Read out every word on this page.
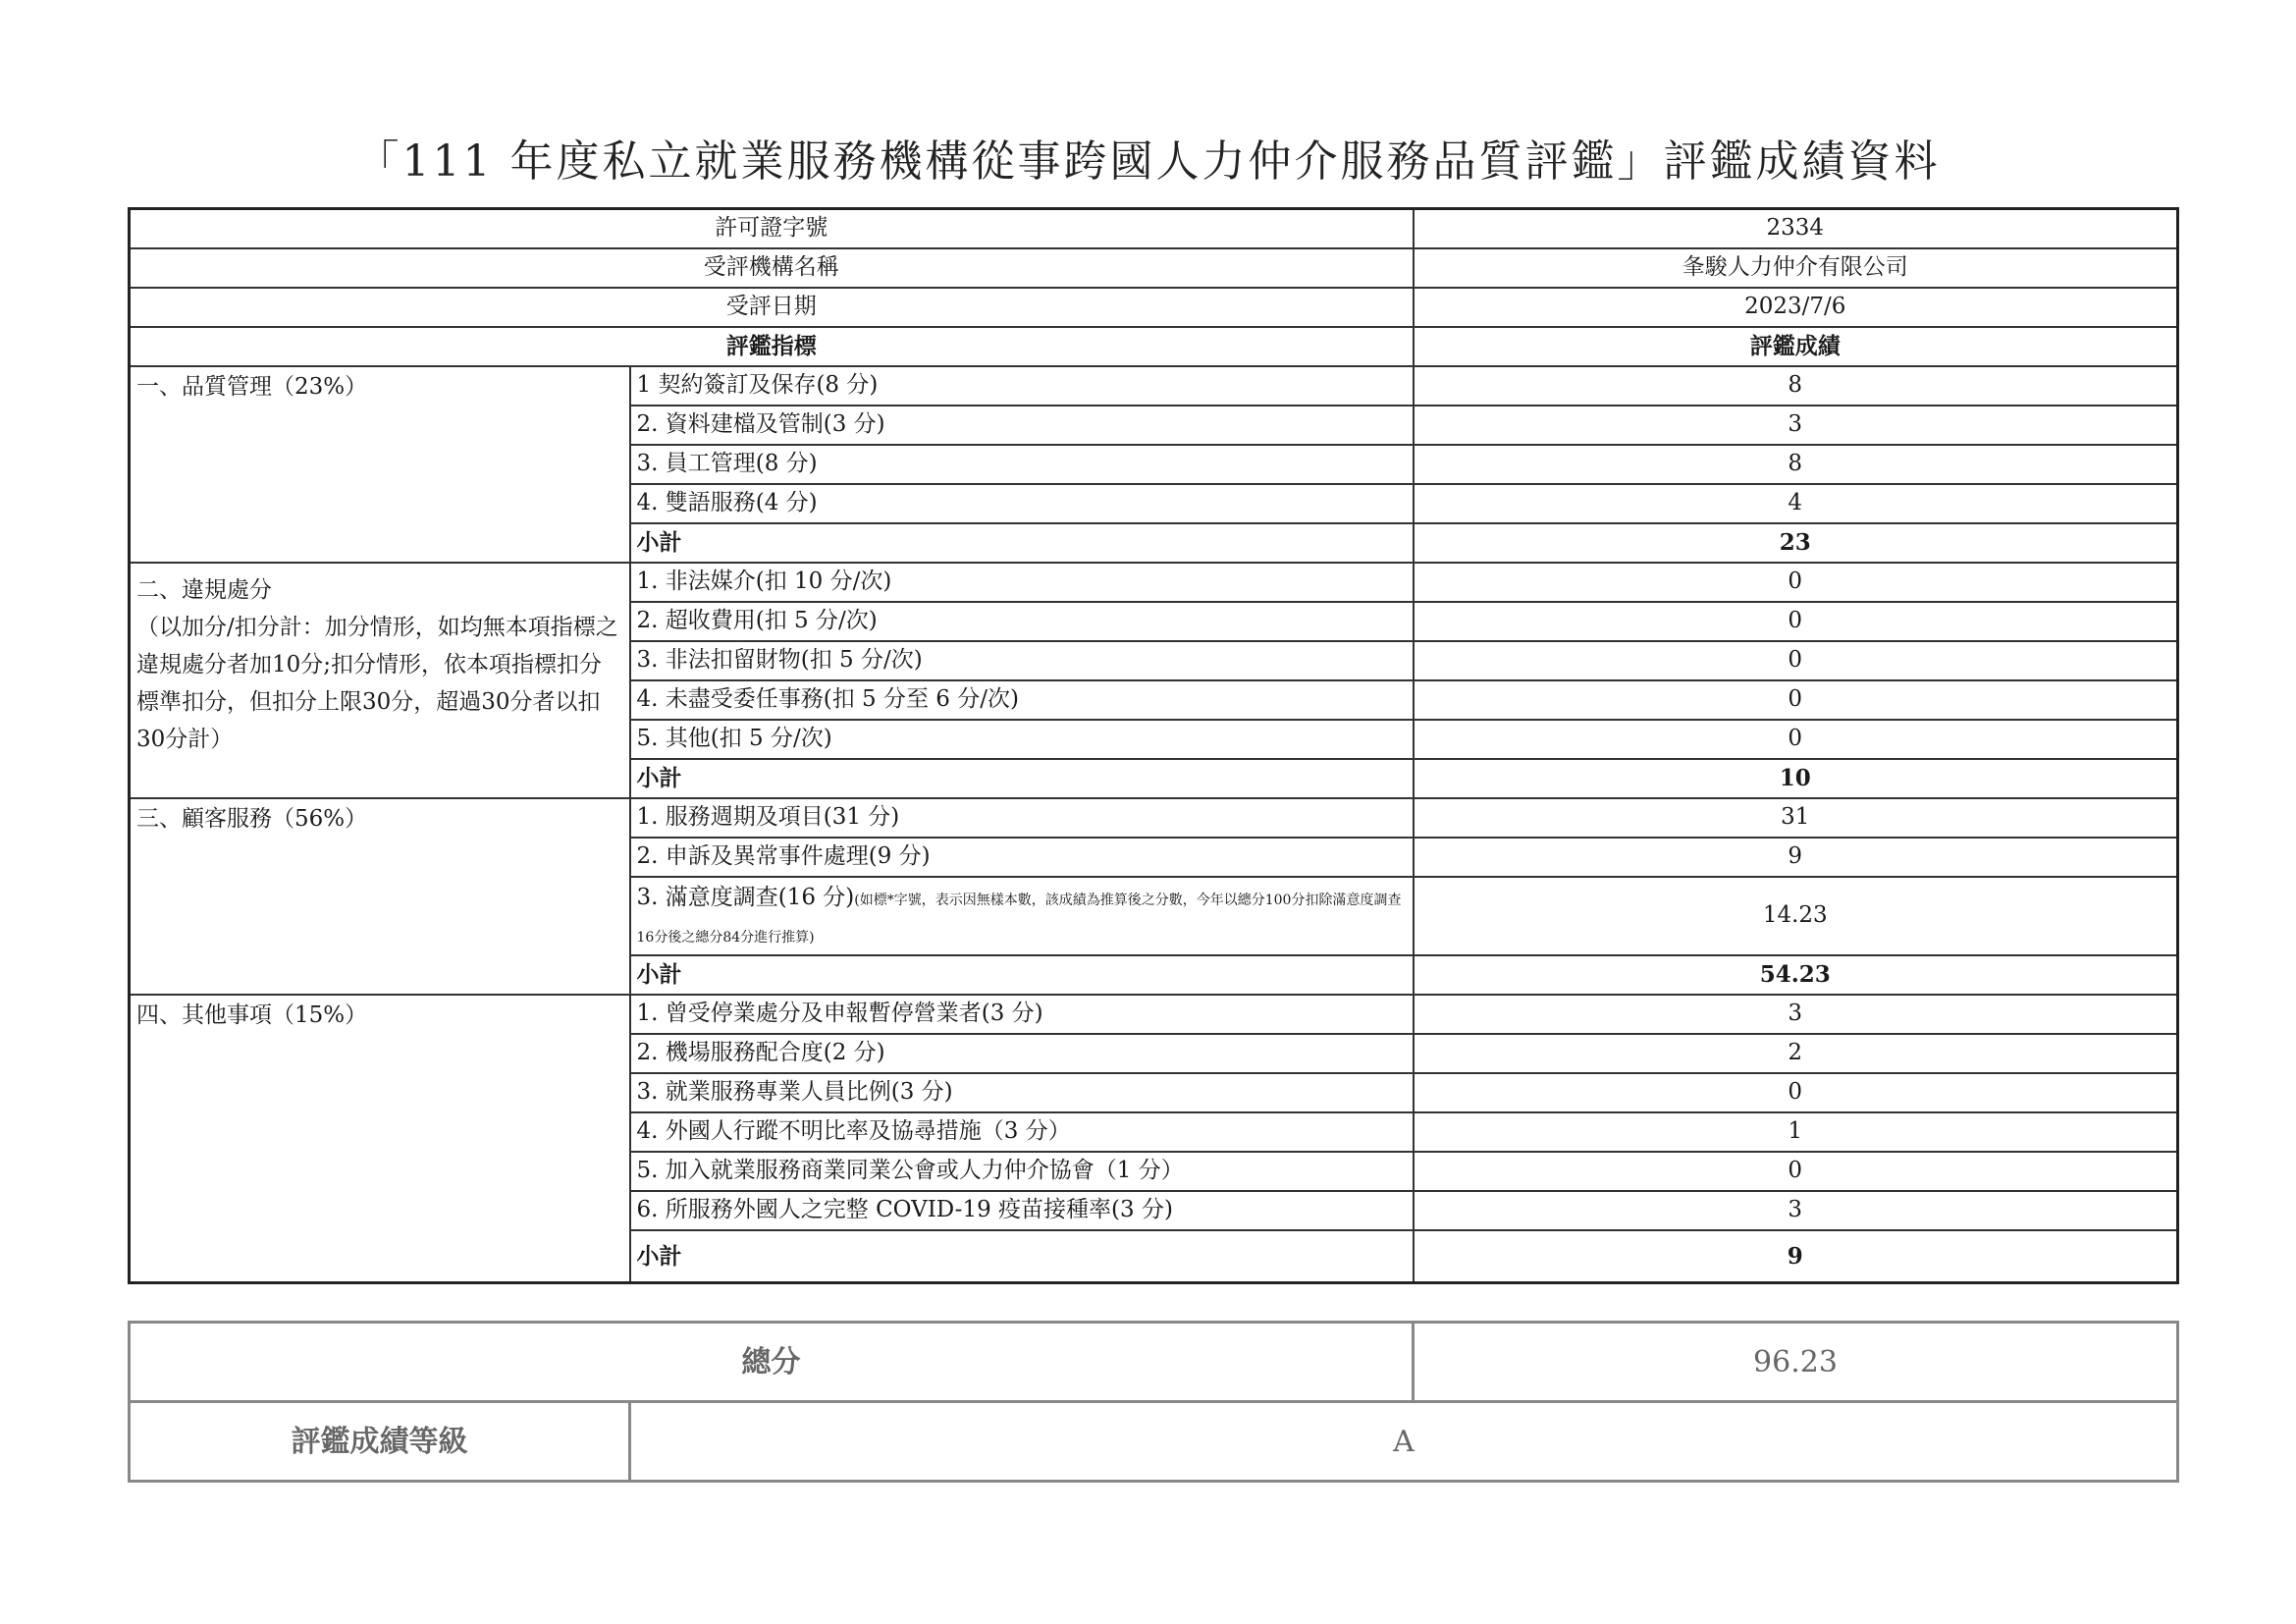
「111 年度私立就業服務機構從事跨國人力仲介服務品質評鑑」評鑑成績資料
許可證字號		2334
受評機構名稱		夆駿人力仲介有限公司
受評日期		2023/7/6
評鑑指標		評鑑成績
一、品質管理（23%）	1 契約簽訂及保存(8 分)	8
	2. 資料建檔及管制(3 分)	3
	3. 員工管理(8 分)	8
	4. 雙語服務(4 分)	4
	小計	23

二、違規處分
（以加分/扣分計：加分情形，如均無本項指標之違規處分者加10分;扣分情形，依本項指標扣分標準扣分，但扣分上限30分，超過30分者以扣30分計）	1. 非法媒介(扣 10 分/次)	0
	2. 超收費用(扣 5 分/次)	0
	3. 非法扣留財物(扣 5 分/次)	0
	4. 未盡受委任事務(扣 5 分至 6 分/次)	0
	5. 其他(扣 5 分/次)	0
	小計	10
三、顧客服務（56%）	1. 服務週期及項目(31 分)	31
	2. 申訴及異常事件處理(9 分)	9
	3. 滿意度調查(16 分)(如標*字號，表示因無樣本數，該成績為推算後之分數，今年以總分100分扣除滿意度調查16分後之總分84分進行推算)	14.23
	小計	54.23
四、其他事項（15%）	1. 曾受停業處分及申報暫停營業者(3 分)	3
	2. 機場服務配合度(2 分)	2
	3. 就業服務專業人員比例(3 分)	0
	4. 外國人行蹤不明比率及協尋措施（3 分）	1
	5. 加入就業服務商業同業公會或人力仲介協會（1 分）	0
	6. 所服務外國人之完整 COVID-19 疫苗接種率(3 分)	3
	小計	9
總分		96.23
評鑑成績等級	A	
